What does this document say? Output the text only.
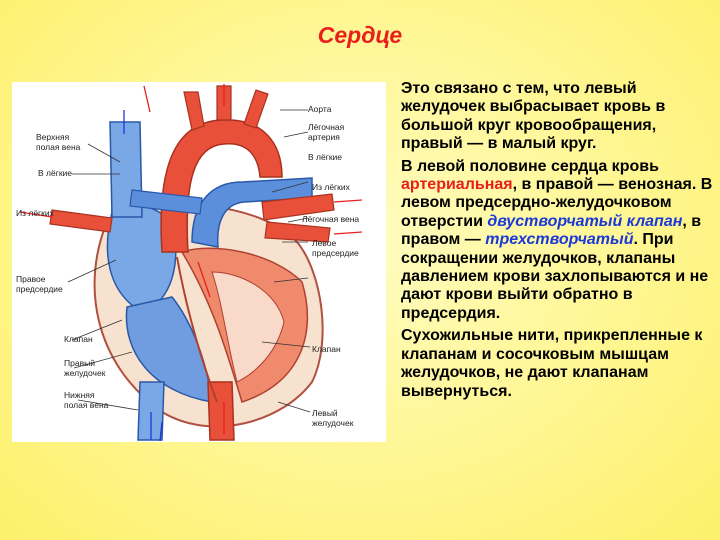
Сердце
Аорта
Лёгочная
артерия
В лёгкие
Из лёгких
Лёгочная вена
Левое
предсердие
Клапан
Левый
желудочек
Верхняя
полая вена
В лёгкие
Из лёгких
Правое
предсердие
Клапан
Правый
желудочек
Нижняя
полая вена

Это связано с тем, что левый желудочек выбрасывает кровь в большой круг кровообращения, правый — в малый круг.

В левой половине сердца кровь артериальная, в правой — венозная. В левом предсердно-желудочковом отверстии двустворчатый клапан, в правом — трехстворчатый. При сокращении желудочков, клапаны давлением крови захлопываются и не дают крови выйти обратно в предсердия.

Сухожильные нити, прикрепленные к клапанам и сосочковым мышцам желудочков, не дают клапанам вывернуться.
